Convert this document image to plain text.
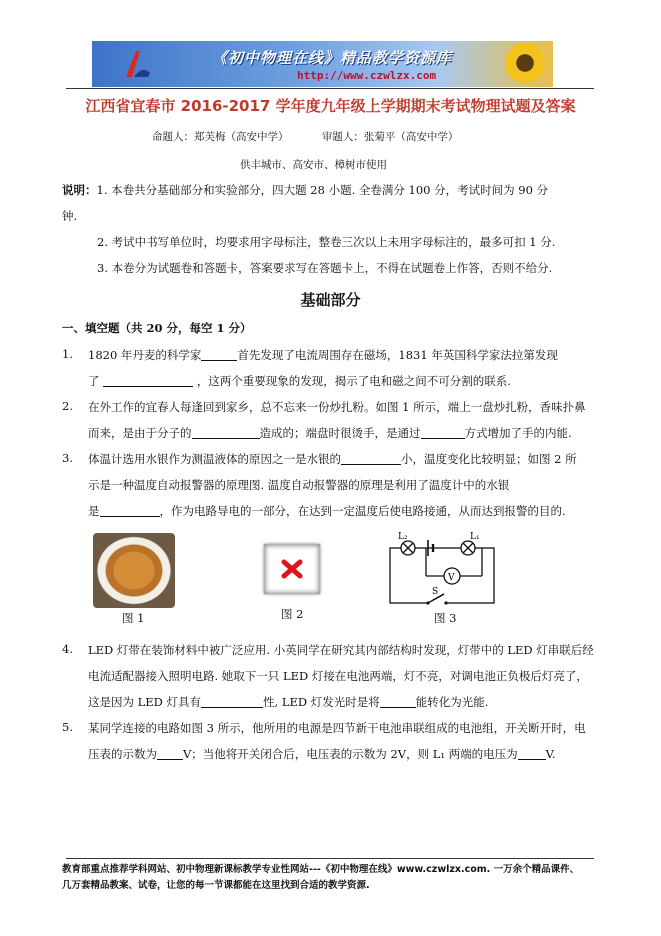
《初中物理在线》精品教学资源库
http://www.czwlzx.com
江西省宜春市 2016-2017 学年度九年级上学期期末考试物理试题及答案
命题人：郑芙梅（高安中学）          审题人：张菊平（高安中学）
供丰城市、高安市、樟树市使用
说明：1. 本卷共分基础部分和实验部分，四大题 28 小题. 全卷满分 100 分，考试时间为 90 分
钟.
2. 考试中书写单位时，均要求用字母标注，整卷三次以上未用字母标注的，最多可扣 1 分.
3. 本卷分为试题卷和答题卡，答案要求写在答题卡上，不得在试题卷上作答，否则不给分.
基础部分
一、填空题（共 20 分，每空 1 分）
1. 1820 年丹麦的科学家	首先发现了电流周围存在磁场，1831 年英国科学家法拉第发现
了	，这两个重要现象的发现，揭示了电和磁之间不可分割的联系.
2. 在外工作的宜春人每逢回到家乡，总不忘来一份炒扎粉。如图 1 所示，端上一盘炒扎粉，香味扑鼻
而来，是由于分子的	造成的；端盘时很烫手，是通过	方式增加了手的内能.
3. 体温计选用水银作为测温液体的原因之一是水银的	小，温度变化比较明显；如图 2 所
示是一种温度自动报警器的原理图. 温度自动报警器的原理是利用了温度计中的水银
是	，作为电路导电的一部分，在达到一定温度后使电路接通，从而达到报警的目的.
图 1	图 2
L₂	L₁
V
S
图 3
4. LED 灯带在装饰材料中被广泛应用. 小英同学在研究其内部结构时发现，灯带中的 LED 灯串联后经
电流适配器接入照明电路. 她取下一只 LED 灯接在电池两端，灯不亮，对调电池正负极后灯亮了，
这是因为 LED 灯具有	性, LED 灯发光时是将	能转化为光能.
5. 某同学连接的电路如图 3 所示，他所用的电源是四节新干电池串联组成的电池组，开关断开时，电
压表的示数为 V；当他将开关闭合后，电压表的示数为 2V，则 L₁ 两端的电压为 V.
教育部重点推荐学科网站、初中物理新课标教学专业性网站---《初中物理在线》www.czwlzx.com. 一万余个精品课件、
几万套精品教案、试卷，让您的每一节课都能在这里找到合适的教学资源.
